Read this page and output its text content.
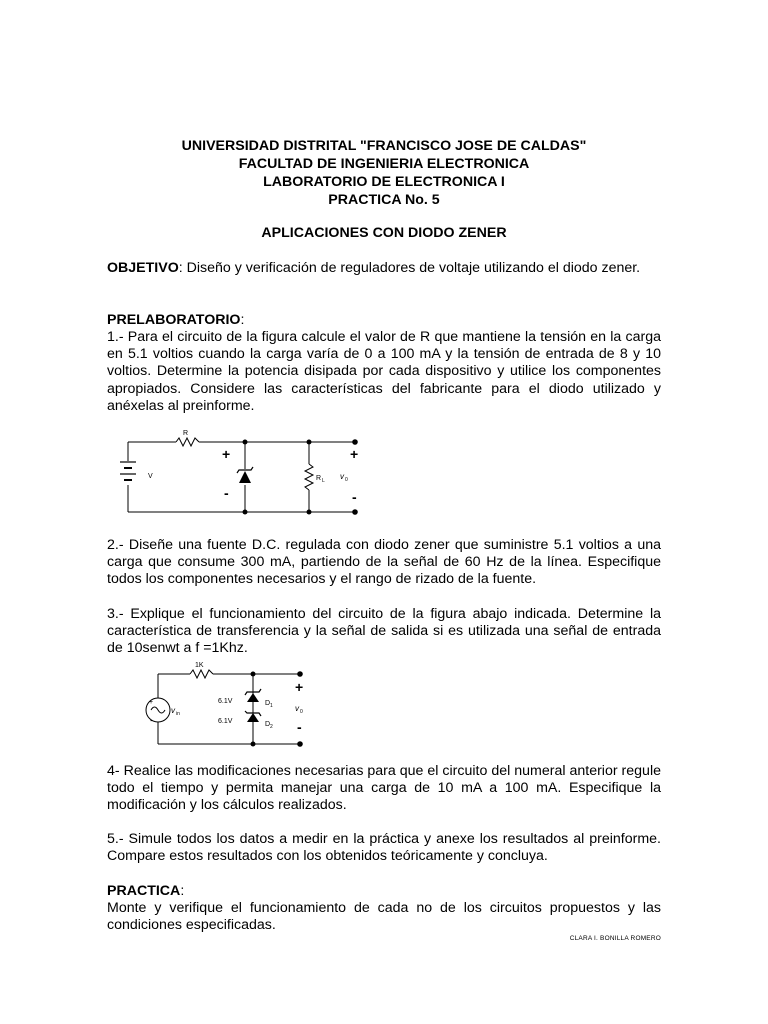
UNIVERSIDAD DISTRITAL "FRANCISCO JOSE DE CALDAS"
FACULTAD DE INGENIERIA ELECTRONICA
LABORATORIO DE ELECTRONICA I
PRACTICA No. 5
APLICACIONES CON DIODO ZENER

OBJETIVO: Diseño y verificación de reguladores de voltaje utilizando el diodo zener.

PRELABORATORIO:

1.- Para el circuito de la figura calcule el valor de R que mantiene la tensión en la carga en 5.1 voltios cuando la carga varía de 0 a 100 mA y la tensión de entrada de 8 y 10 voltios. Determine la potencia disipada por cada dispositivo y utilice los componentes apropiados. Considere las características del fabricante para el diodo utilizado y anéxelas al preinforme.

R
V
+
-
R L
+
v 0
-

2.- Diseñe una fuente D.C. regulada con diodo zener que suministre 5.1 voltios a una carga que consume 300 mA, partiendo de la señal de 60 Hz de la línea. Especifique todos los componentes necesarios y el rango de rizado de la fuente.

3.- Explique el funcionamiento del circuito de la figura abajo indicada. Determine la característica de transferencia y la señal de salida si es utilizada una señal de entrada de 10senwt a f =1Khz.

+
-
1K
v in
6.1V
6.1V
D 1
D 2
+
v 0
-

4- Realice las modificaciones necesarias para que el circuito del numeral anterior regule todo el tiempo y permita manejar una carga de 10 mA a 100 mA. Especifique la modificación y los cálculos realizados.

5.- Simule todos los datos a medir en la práctica y anexe los resultados al preinforme. Compare estos resultados con los obtenidos teóricamente y concluya.

PRACTICA:

Monte y verifique el funcionamiento de cada no de los circuitos propuestos y las condiciones especificadas.

CLARA I. BONILLA ROMERO
